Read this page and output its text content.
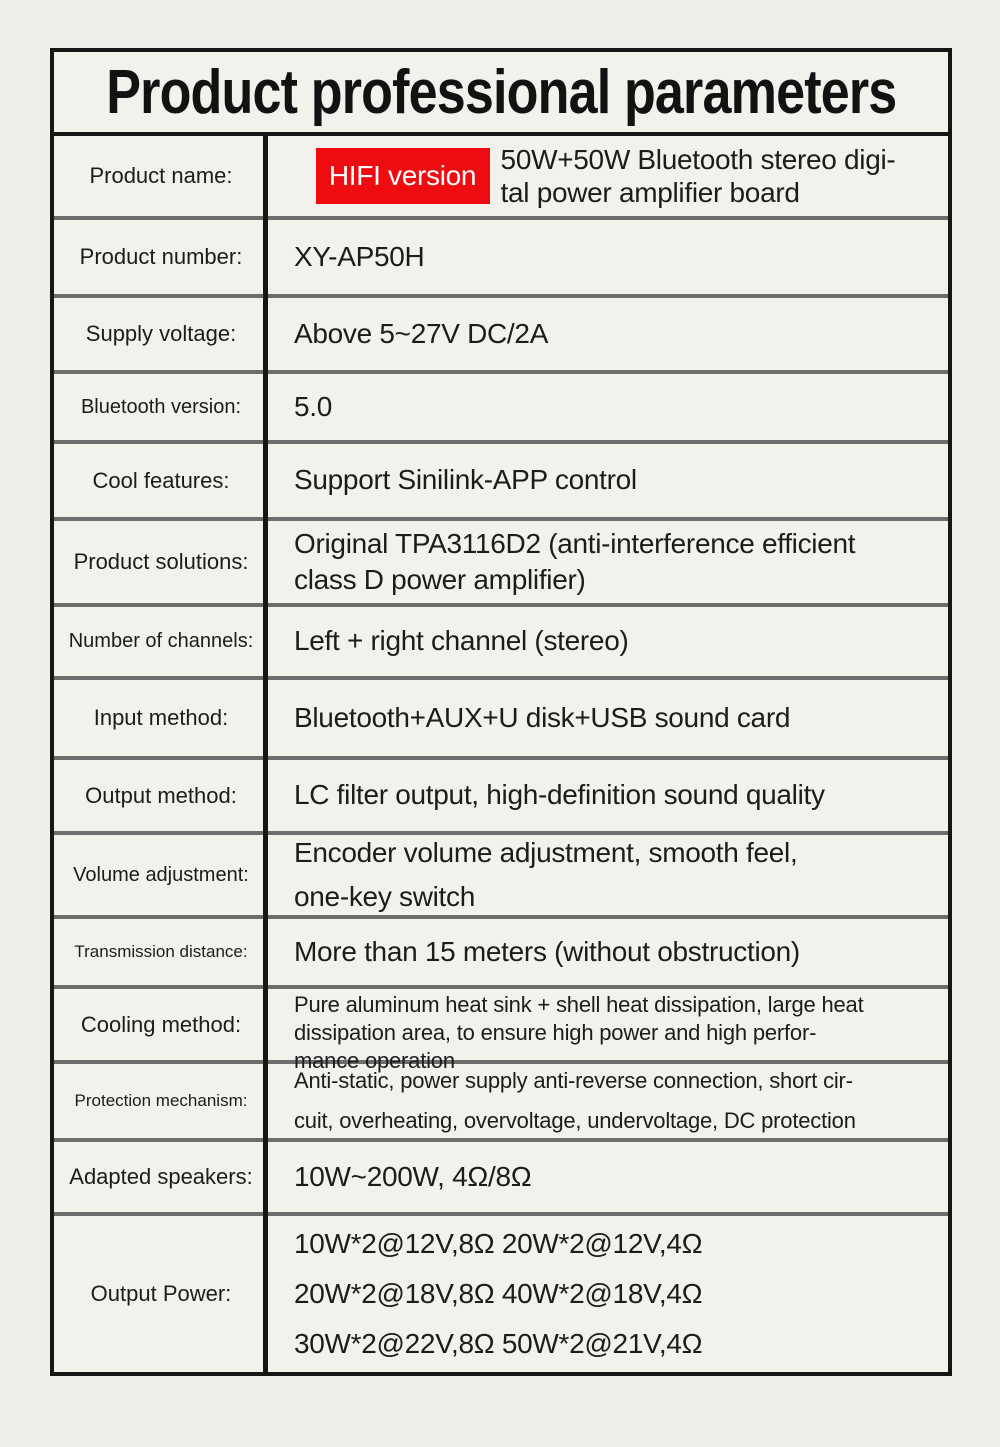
Product professional parameters
Product name:	HIFI version
50W+50W Bluetooth stereo digi-
tal power amplifier board
Product number:	XY-AP50H
Supply voltage:	Above 5~27V DC/2A
Bluetooth version:	5.0
Cool features:	Support Sinilink-APP control
Product solutions:
Original TPA3116D2 (anti-interference efficient
class D power amplifier)
Number of channels:	Left + right channel (stereo)
Input method:	Bluetooth+AUX+U disk+USB sound card
Output method:	LC filter output, high-definition sound quality
Volume adjustment:
Encoder volume adjustment, smooth feel,
one-key switch
Transmission distance:	More than 15 meters (without obstruction)
Cooling method:
Pure aluminum heat sink + shell heat dissipation, large heat
dissipation area, to ensure high power and high perfor-
mance operation
Protection mechanism:
Anti-static, power supply anti-reverse connection, short cir-
cuit, overheating, overvoltage, undervoltage, DC protection
Adapted speakers:	10W~200W, 4Ω/8Ω
Output Power:
10W*2@12V,8Ω 20W*2@12V,4Ω
20W*2@18V,8Ω 40W*2@18V,4Ω
30W*2@22V,8Ω 50W*2@21V,4Ω
